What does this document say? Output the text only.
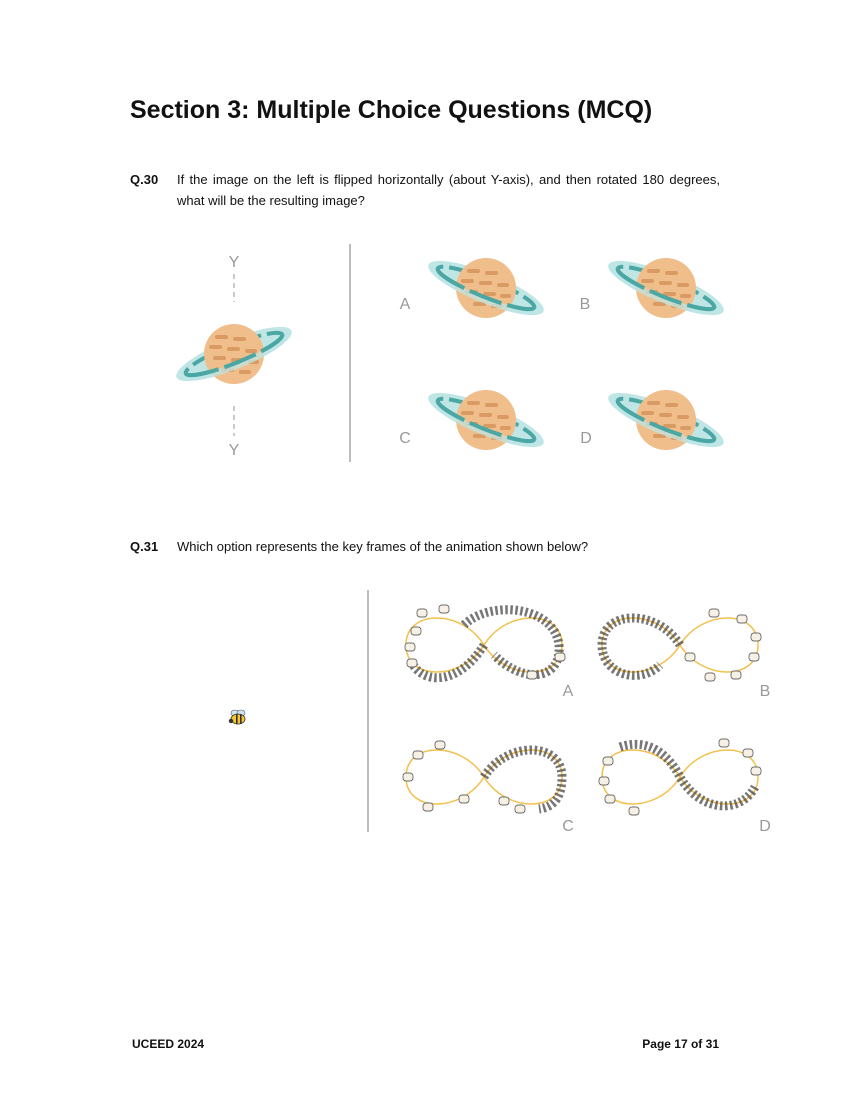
Section 3: Multiple Choice Questions (MCQ)
Q.30 If the image on the left is flipped horizontally (about Y-axis), and then rotated 180 degrees, what will be the resulting image?
Y
Y
A	B
C	D
Q.31 Which option represents the key frames of the animation shown below?
A	B
C	D
UCEED 2024	Page 17 of 31
